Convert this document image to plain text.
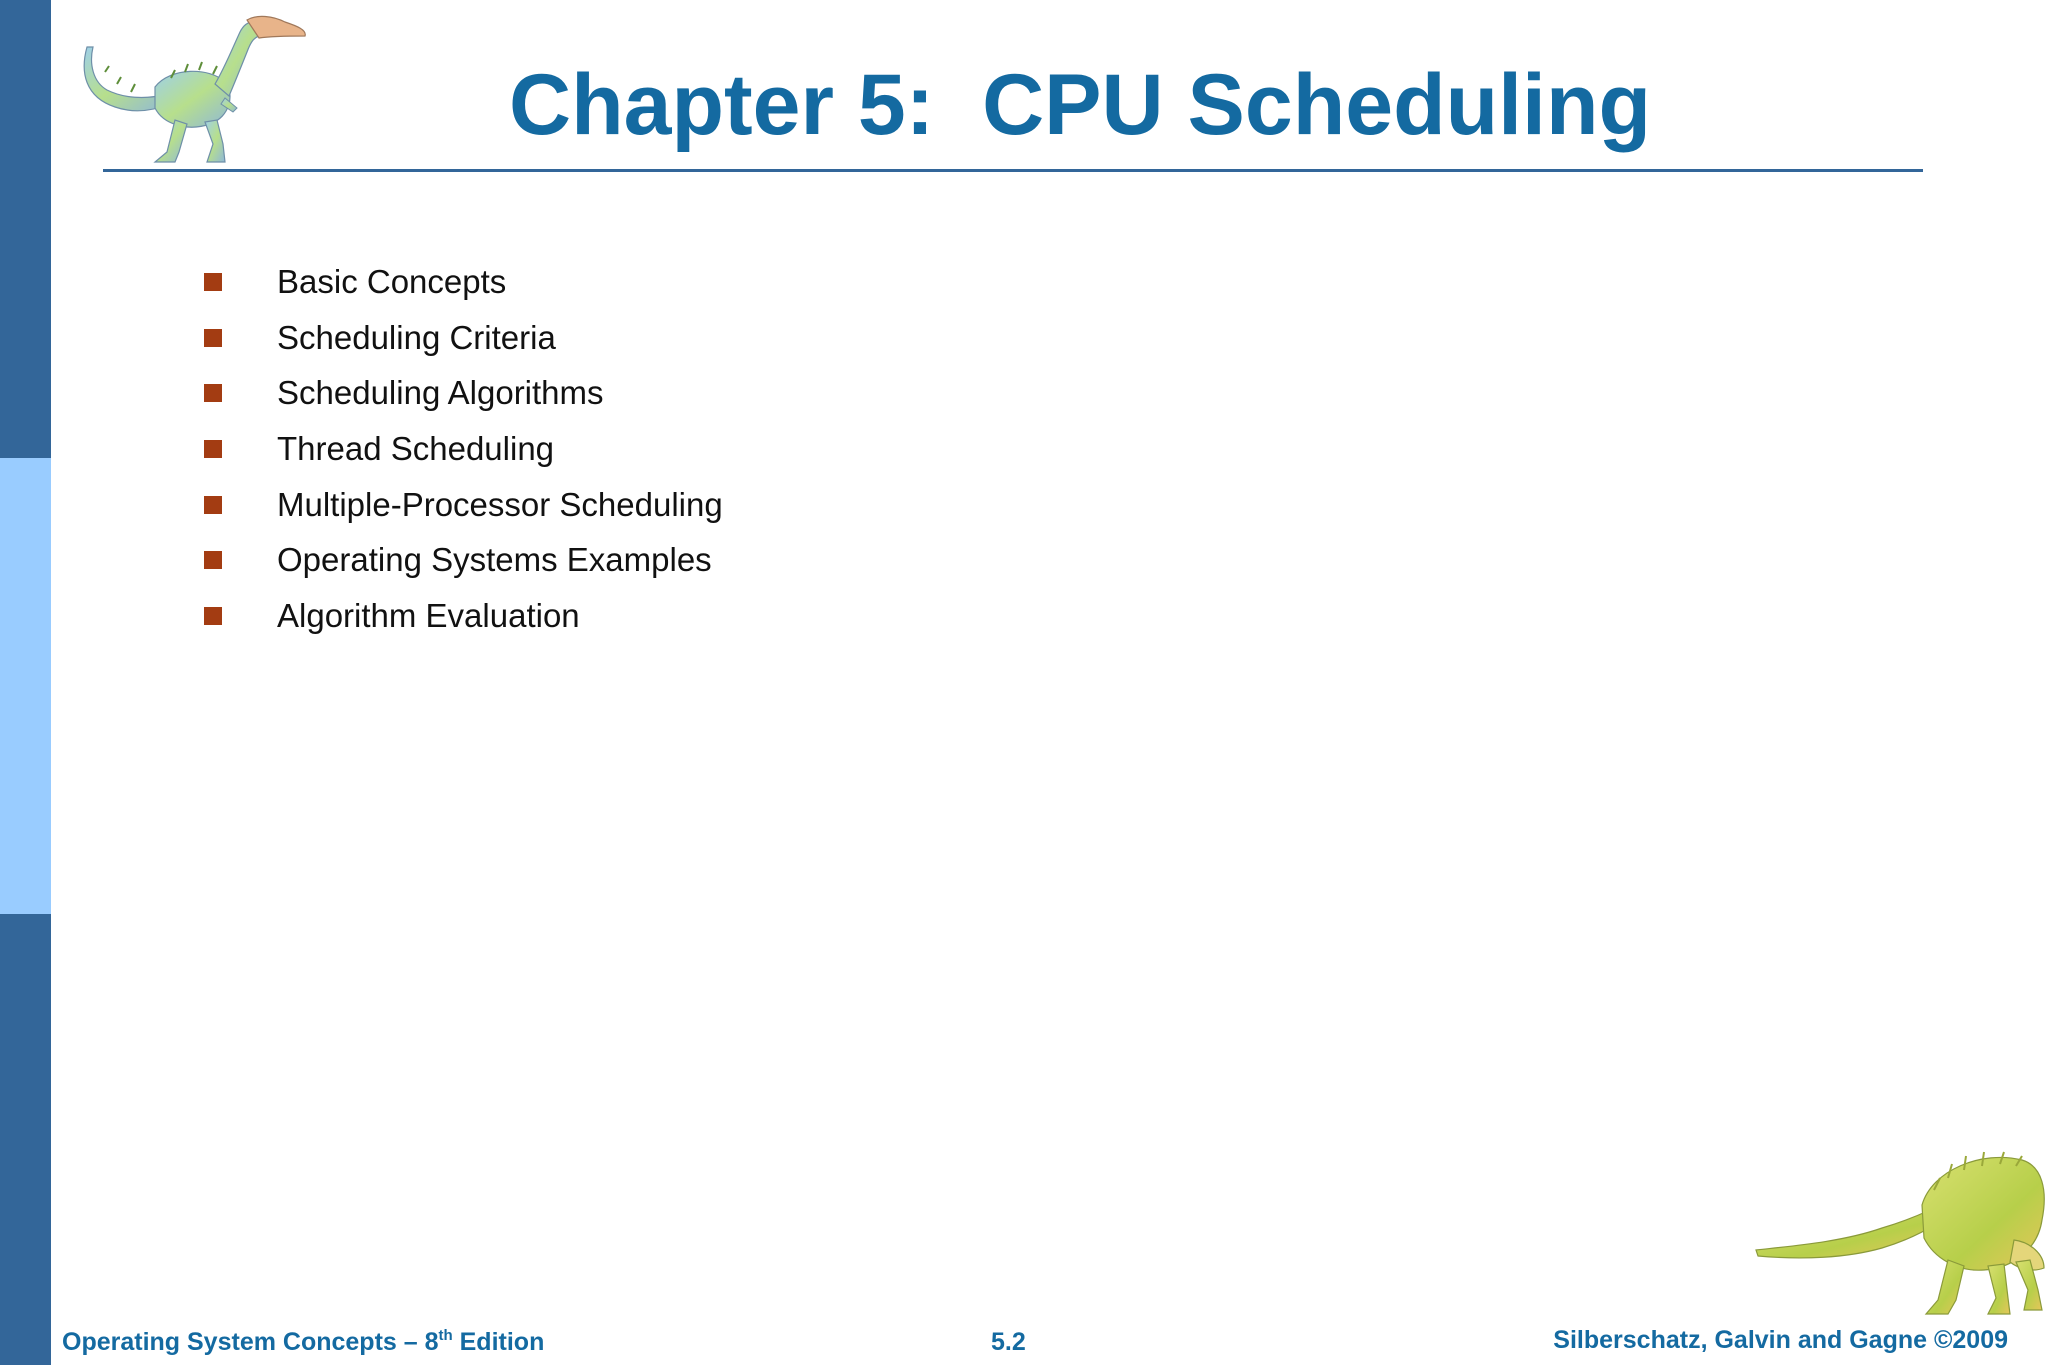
Chapter 5:  CPU Scheduling
Basic Concepts
Scheduling Criteria
Scheduling Algorithms
Thread Scheduling
Multiple-Processor Scheduling
Operating Systems Examples
Algorithm Evaluation
Operating System Concepts – 8th Edition	5.2	Silberschatz, Galvin and Gagne ©2009
